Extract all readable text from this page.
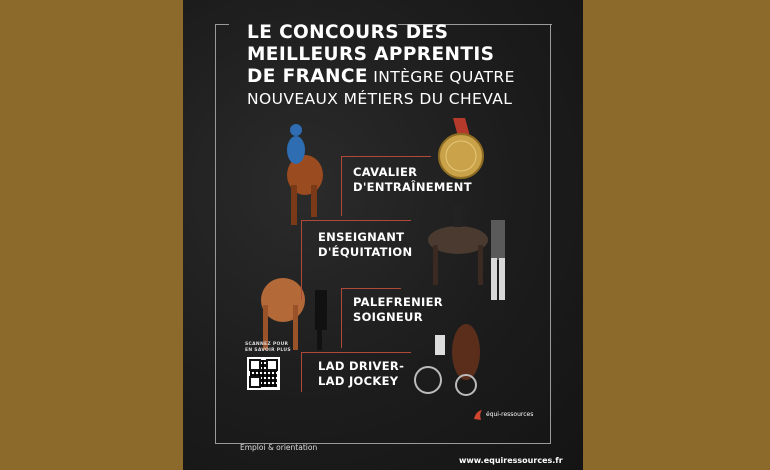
LE CONCOURS DES
MEILLEURS APPRENTIS
DE FRANCE INTÈGRE QUATRE
NOUVEAUX MÉTIERS DU CHEVAL
CAVALIER
D'ENTRAÎNEMENT
ENSEIGNANT
D'ÉQUITATION
PALEFRENIER
SOIGNEUR
LAD DRIVER-
LAD JOCKEY
SCANNEZ POUR
EN SAVOIR PLUS
équi-ressources
Emploi & orientation
www.equiressources.fr
